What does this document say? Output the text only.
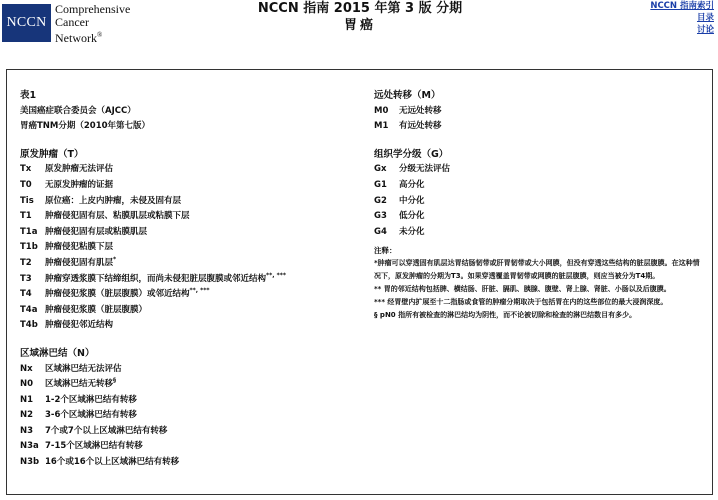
NCCN
Comprehensive
Cancer
Network®
NCCN 指南 2015 年第 3 版 分期
胃癌
NCCN 指南索引
目录
讨论
表1
美国癌症联合委员会（AJCC）
胃癌TNM分期（2010年第七版）
原发肿瘤（T）
Tx 原发肿瘤无法评估
T0 无原发肿瘤的证据
Tis 原位癌：上皮内肿瘤，未侵及固有层
T1 肿瘤侵犯固有层、粘膜肌层或粘膜下层
T1a 肿瘤侵犯固有层或粘膜肌层
T1b 肿瘤侵犯粘膜下层
T2 肿瘤侵犯固有肌层*
T3 肿瘤穿透浆膜下结缔组织，而尚未侵犯脏层腹膜或邻近结构**, ***
T4 肿瘤侵犯浆膜（脏层腹膜）或邻近结构**, ***
T4a 肿瘤侵犯浆膜（脏层腹膜）
T4b 肿瘤侵犯邻近结构
区域淋巴结（N）
Nx 区域淋巴结无法评估
N0 区域淋巴结无转移§
N1 1-2个区域淋巴结有转移
N2 3-6个区域淋巴结有转移
N3 7个或7个以上区域淋巴结有转移
N3a 7-15个区域淋巴结有转移
N3b 16个或16个以上区域淋巴结有转移
远处转移（M）
M0 无远处转移
M1 有远处转移
组织学分级（G）
Gx 分级无法评估
G1 高分化
G2 中分化
G3 低分化
G4 未分化
注释：
*肿瘤可以穿透固有肌层达胃结肠韧带或肝胃韧带或大小网膜，但没有穿透这些结构的脏层腹膜。在这种情况下，原发肿瘤的分期为T3。如果穿透覆盖胃韧带或网膜的脏层腹膜，则应当被分为T4期。
** 胃的邻近结构包括脾、横结肠、肝脏、膈肌、胰腺、腹壁、肾上腺、肾脏、小肠以及后腹膜。
*** 经胃壁内扩展至十二指肠或食管的肿瘤分期取决于包括胃在内的这些部位的最大浸润深度。
§ pN0 指所有被检查的淋巴结均为阴性，而不论被切除和检查的淋巴结数目有多少。
